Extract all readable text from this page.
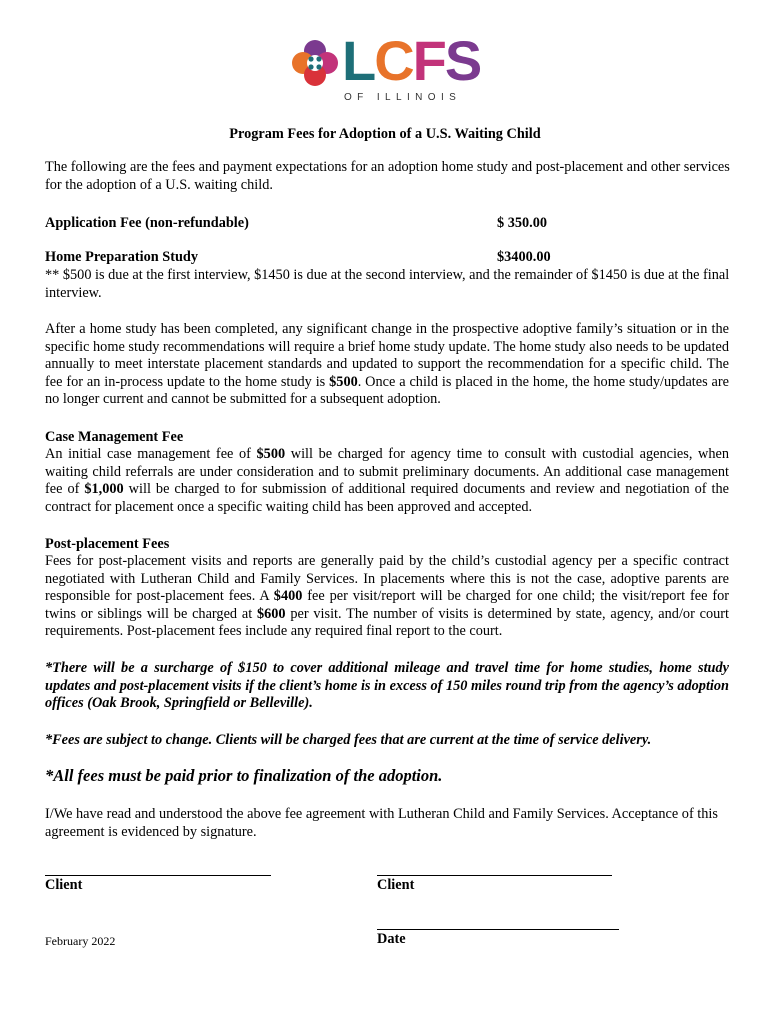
LCFS
OF ILLINOIS
Program Fees for Adoption of a U.S. Waiting Child
The following are the fees and payment expectations for an adoption home study and post-placement and other services for the adoption of a U.S. waiting child.
Application Fee (non-refundable)	$ 350.00
Home Preparation Study	$3400.00
** $500 is due at the first interview, $1450 is due at the second interview, and the remainder of $1450 is due at the final interview.
After a home study has been completed, any significant change in the prospective adoptive family’s situation or in the specific home study recommendations will require a brief home study update. The home study also needs to be updated annually to meet interstate placement standards and updated to support the recommendation for a specific child. The fee for an in-process update to the home study is $500. Once a child is placed in the home, the home study/updates are no longer current and cannot be submitted for a subsequent adoption.
Case Management Fee
An initial case management fee of $500 will be charged for agency time to consult with custodial agencies, when waiting child referrals are under consideration and to submit preliminary documents. An additional case management fee of $1,000 will be charged to for submission of additional required documents and review and negotiation of the contract for placement once a specific waiting child has been approved and accepted.
Post-placement Fees
Fees for post-placement visits and reports are generally paid by the child’s custodial agency per a specific contract negotiated with Lutheran Child and Family Services. In placements where this is not the case, adoptive parents are responsible for post-placement fees. A $400 fee per visit/report will be charged for one child; the visit/report fee for twins or siblings will be charged at $600 per visit. The number of visits is determined by state, agency, and/or court requirements. Post-placement fees include any required final report to the court.
*There will be a surcharge of $150 to cover additional mileage and travel time for home studies, home study updates and post-placement visits if the client’s home is in excess of 150 miles round trip from the agency’s adoption offices (Oak Brook, Springfield or Belleville).
*Fees are subject to change. Clients will be charged fees that are current at the time of service delivery.
*All fees must be paid prior to finalization of the adoption.
I/We have read and understood the above fee agreement with Lutheran Child and Family Services. Acceptance of this agreement is evidenced by signature.
Client	Client
Date
February 2022
